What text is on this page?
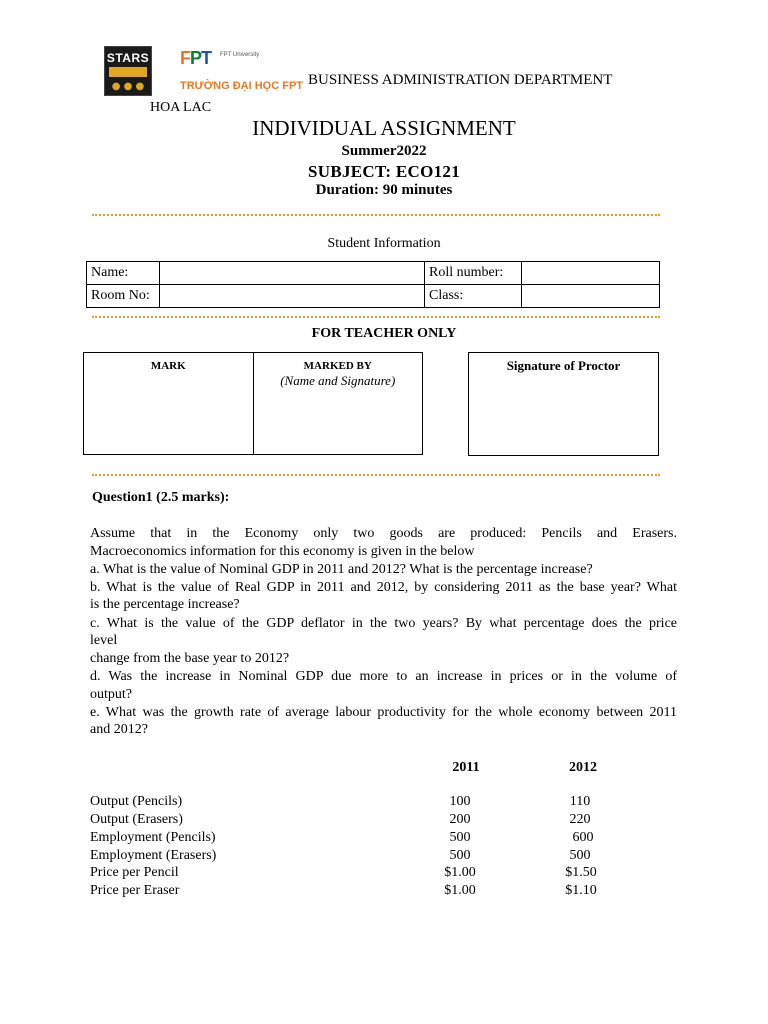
STARS
● ● ●
FPT FPT University
TRƯỜNG ĐẠI HỌC FPT BUSINESS ADMINISTRATION DEPARTMENT
HOA LAC
INDIVIDUAL ASSIGNMENT
Summer2022
SUBJECT: ECO121
Duration: 90 minutes
Student Information
Name:		Roll number:	
Room No:		Class:	
FOR TEACHER ONLY
MARK	MARKED BY
(Name and Signature)
Signature of Proctor
Question1 (2.5 marks):
Assume that in the Economy only two goods are produced: Pencils and Erasers.
Macroeconomics information for this economy is given in the below
a. What is the value of Nominal GDP in 2011 and 2012? What is the percentage increase?
b. What is the value of Real GDP in 2011 and 2012, by considering 2011 as the base year? What
is the percentage increase?
c. What is the value of the GDP deflator in the two years? By what percentage does the price
level
change from the base year to 2012?
d. Was the increase in Nominal GDP due more to an increase in prices or in the volume of
output?
e. What was the growth rate of average labour productivity for the whole economy between 2011
and 2012?
2011	2012
Output (Pencils)	100	110
Output (Erasers)	200	220
Employment (Pencils)	500	600
Employment (Erasers)	500	500
Price per Pencil	$1.00	$1.50
Price per Eraser	$1.00	$1.10
